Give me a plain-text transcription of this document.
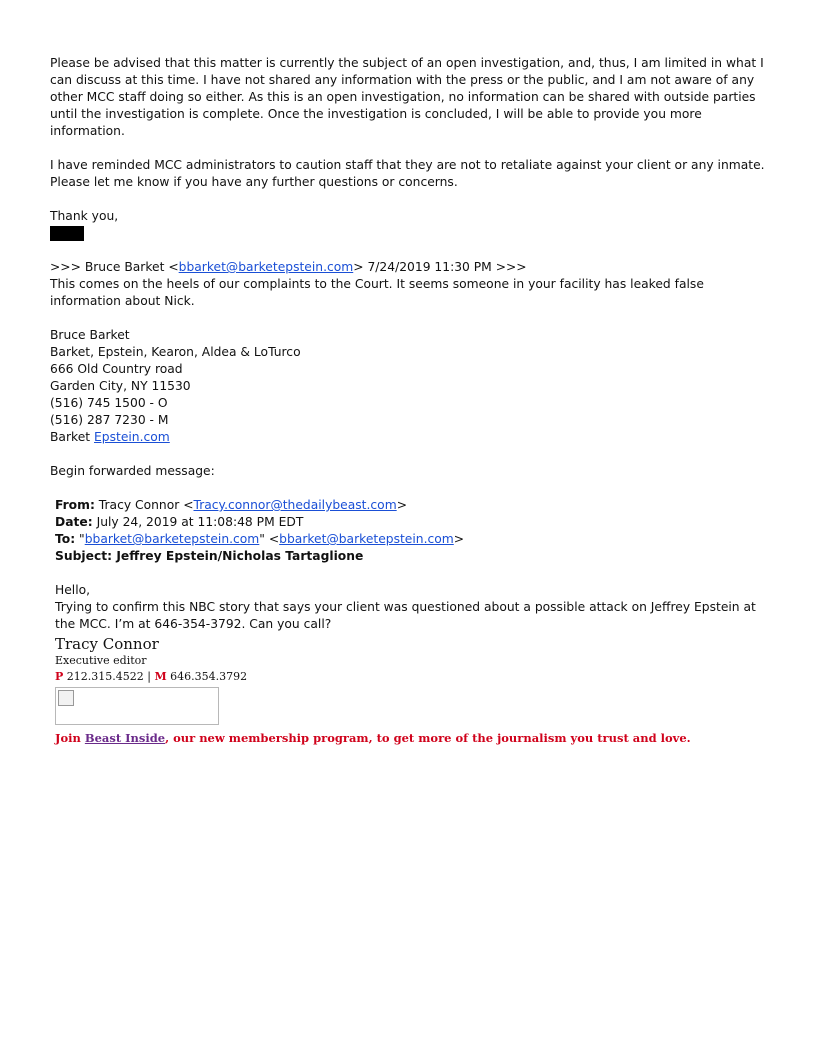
Please be advised that this matter is currently the subject of an open investigation, and, thus, I am limited in what I can discuss at this time. I have not shared any information with the press or the public, and I am not aware of any other MCC staff doing so either. As this is an open investigation, no information can be shared with outside parties until the investigation is complete. Once the investigation is concluded, I will be able to provide you more information.

I have reminded MCC administrators to caution staff that they are not to retaliate against your client or any inmate. Please let me know if you have any further questions or concerns.

Thank you,

>>> Bruce Barket <bbarket@barketepstein.com> 7/24/2019 11:30 PM >>>

This comes on the heels of our complaints to the Court. It seems someone in your facility has leaked false information about Nick.

Bruce Barket

Barket, Epstein, Kearon, Aldea & LoTurco

666 Old Country road

Garden City, NY 11530

(516) 745 1500 - O

(516) 287 7230 - M

Barket Epstein.com

Begin forwarded message:

From: Tracy Connor <Tracy.connor@thedailybeast.com>

Date: July 24, 2019 at 11:08:48 PM EDT

To: "bbarket@barketepstein.com" <bbarket@barketepstein.com>

Subject: Jeffrey Epstein/Nicholas Tartaglione

Hello,

Trying to confirm this NBC story that says your client was questioned about a possible attack on Jeffrey Epstein at the MCC. I’m at 646-354-3792. Can you call?

Tracy Connor
Executive editor
P 212.315.4522 | M 646.354.3792
Join Beast Inside, our new membership program, to get more of the journalism you trust and love.
